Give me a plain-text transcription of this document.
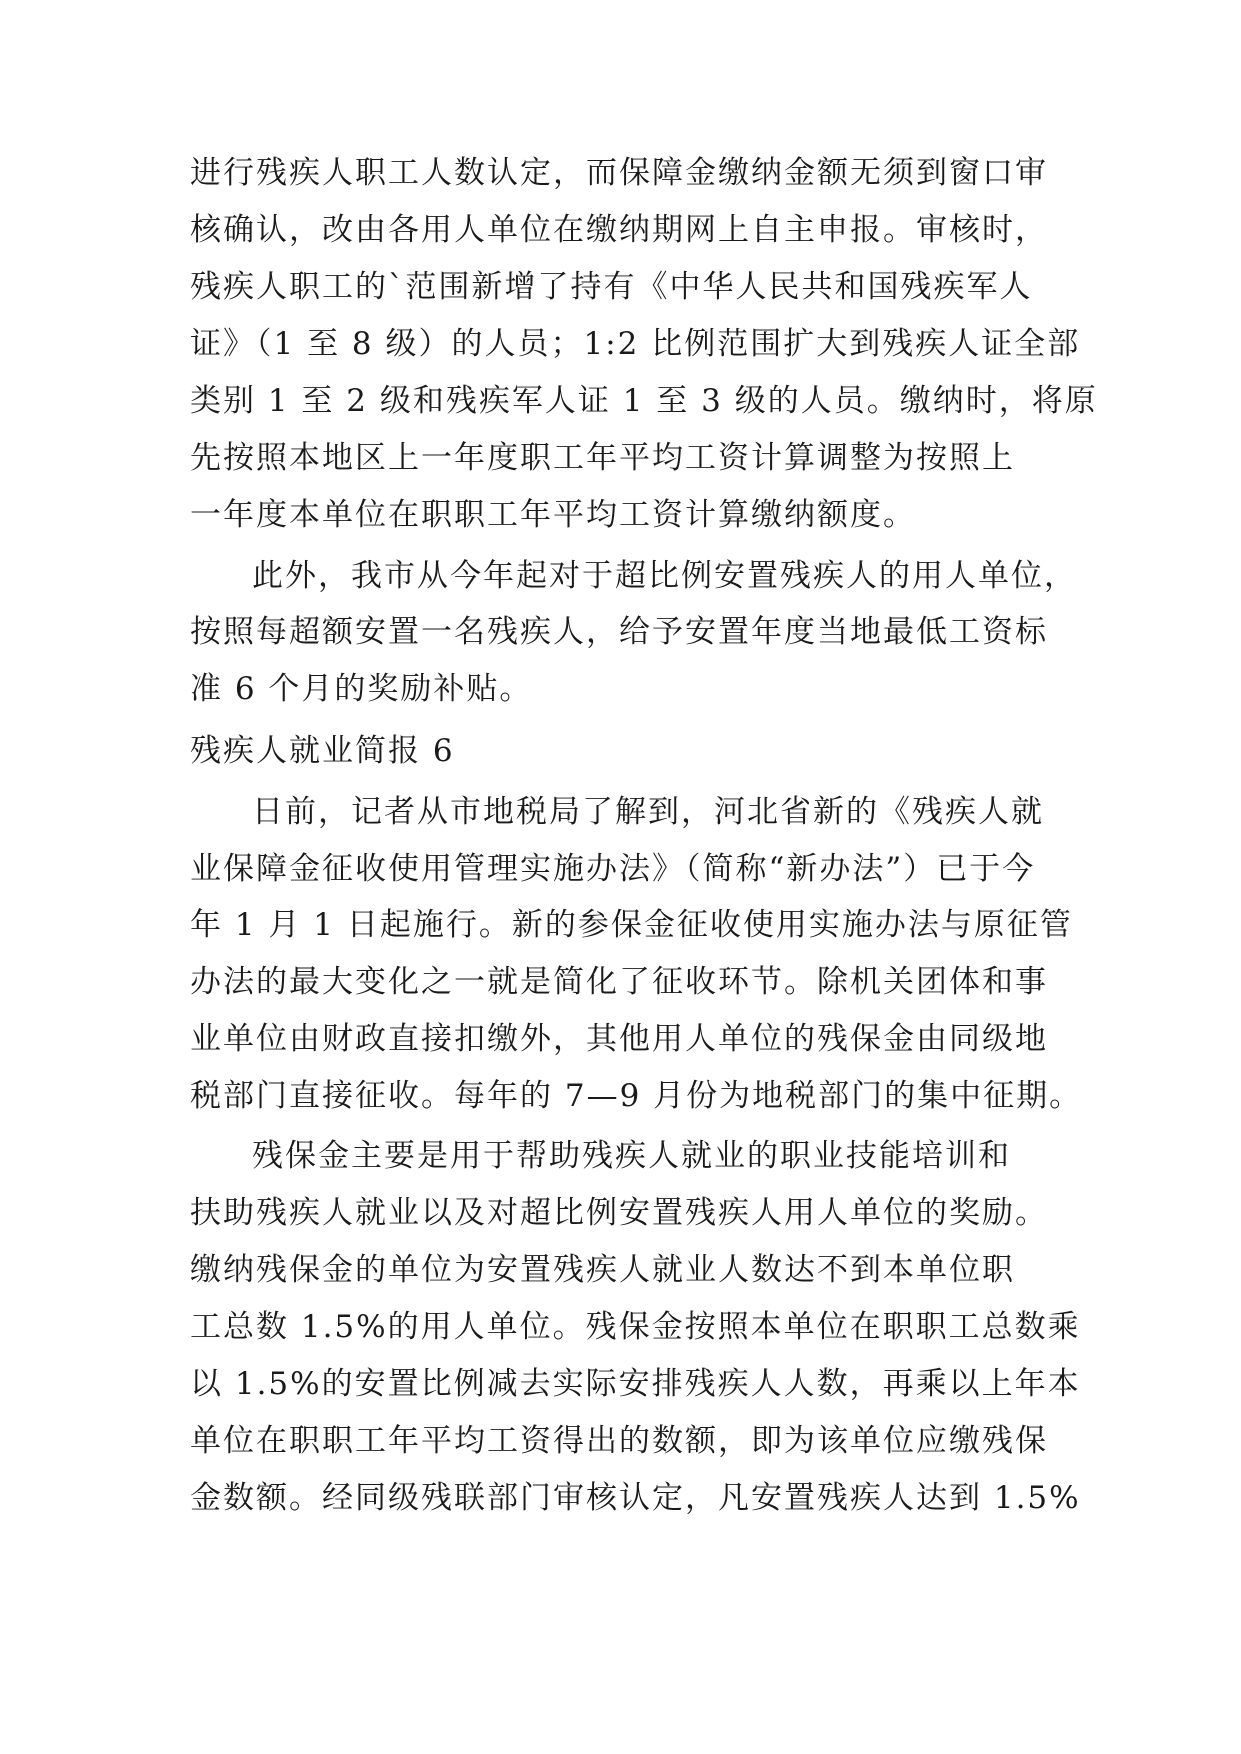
进行残疾人职工人数认定，而保障金缴纳金额无须到窗口审
核确认，改由各用人单位在缴纳期网上自主申报。审核时，
残疾人职工的`范围新增了持有《中华人民共和国残疾军人
证》（1 至 8 级）的人员；1:2 比例范围扩大到残疾人证全部
类别 1 至 2 级和残疾军人证 1 至 3 级的人员。缴纳时，将原
先按照本地区上一年度职工年平均工资计算调整为按照上
一年度本单位在职职工年平均工资计算缴纳额度。
此外，我市从今年起对于超比例安置残疾人的用人单位，
按照每超额安置一名残疾人，给予安置年度当地最低工资标
准 6 个月的奖励补贴。
残疾人就业简报 6
日前，记者从市地税局了解到，河北省新的《残疾人就
业保障金征收使用管理实施办法》（简称“新办法”）已于今
年 1 月 1 日起施行。新的参保金征收使用实施办法与原征管
办法的最大变化之一就是简化了征收环节。除机关团体和事
业单位由财政直接扣缴外，其他用人单位的残保金由同级地
税部门直接征收。每年的 7—9 月份为地税部门的集中征期。
残保金主要是用于帮助残疾人就业的职业技能培训和
扶助残疾人就业以及对超比例安置残疾人用人单位的奖励。
缴纳残保金的单位为安置残疾人就业人数达不到本单位职
工总数 1.5%的用人单位。残保金按照本单位在职职工总数乘
以 1.5%的安置比例减去实际安排残疾人人数，再乘以上年本
单位在职职工年平均工资得出的数额，即为该单位应缴残保
金数额。经同级残联部门审核认定，凡安置残疾人达到 1.5%
